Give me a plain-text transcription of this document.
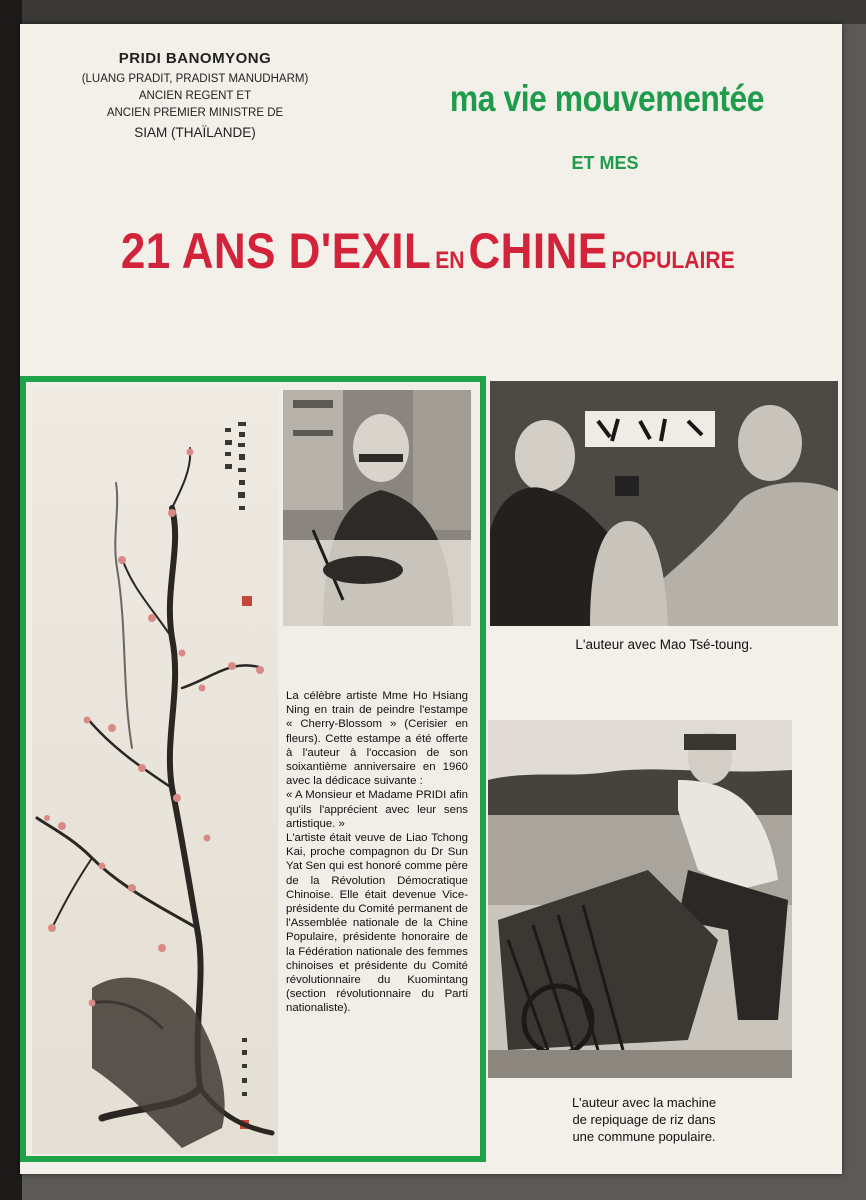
PRIDI BANOMYONG
(LUANG PRADIT, PRADIST MANUDHARM)
ANCIEN REGENT ET
ANCIEN PREMIER MINISTRE DE
SIAM (THAÏLANDE)
ma vie mouvementée
ET MES
21 ANS D'EXIL EN CHINE POPULAIRE
L'auteur avec Mao Tsé-toung.

La célèbre artiste Mme Ho Hsiang Ning en train de peindre l'estampe « Cherry-Blossom » (Cerisier en fleurs). Cette estampe a été offerte à l'auteur à l'occasion de son soixantième anniversaire en 1960 avec la dédicace suivante :

« A Monsieur et Madame PRIDI afin qu'ils l'apprécient avec leur sens artistique. »

L'artiste était veuve de Liao Tchong Kai, proche compagnon du Dr Sun Yat Sen qui est honoré comme père de la Révolution Démocratique Chinoise. Elle était devenue Vice-présidente du Comité permanent de l'Assemblée nationale de la Chine Populaire, présidente honoraire de la Fédération nationale des femmes chinoises et présidente du Comité révolutionnaire du Kuomintang (section révolutionnaire du Parti nationaliste).

L'auteur avec la machine
de repiquage de riz dans
une commune populaire.
